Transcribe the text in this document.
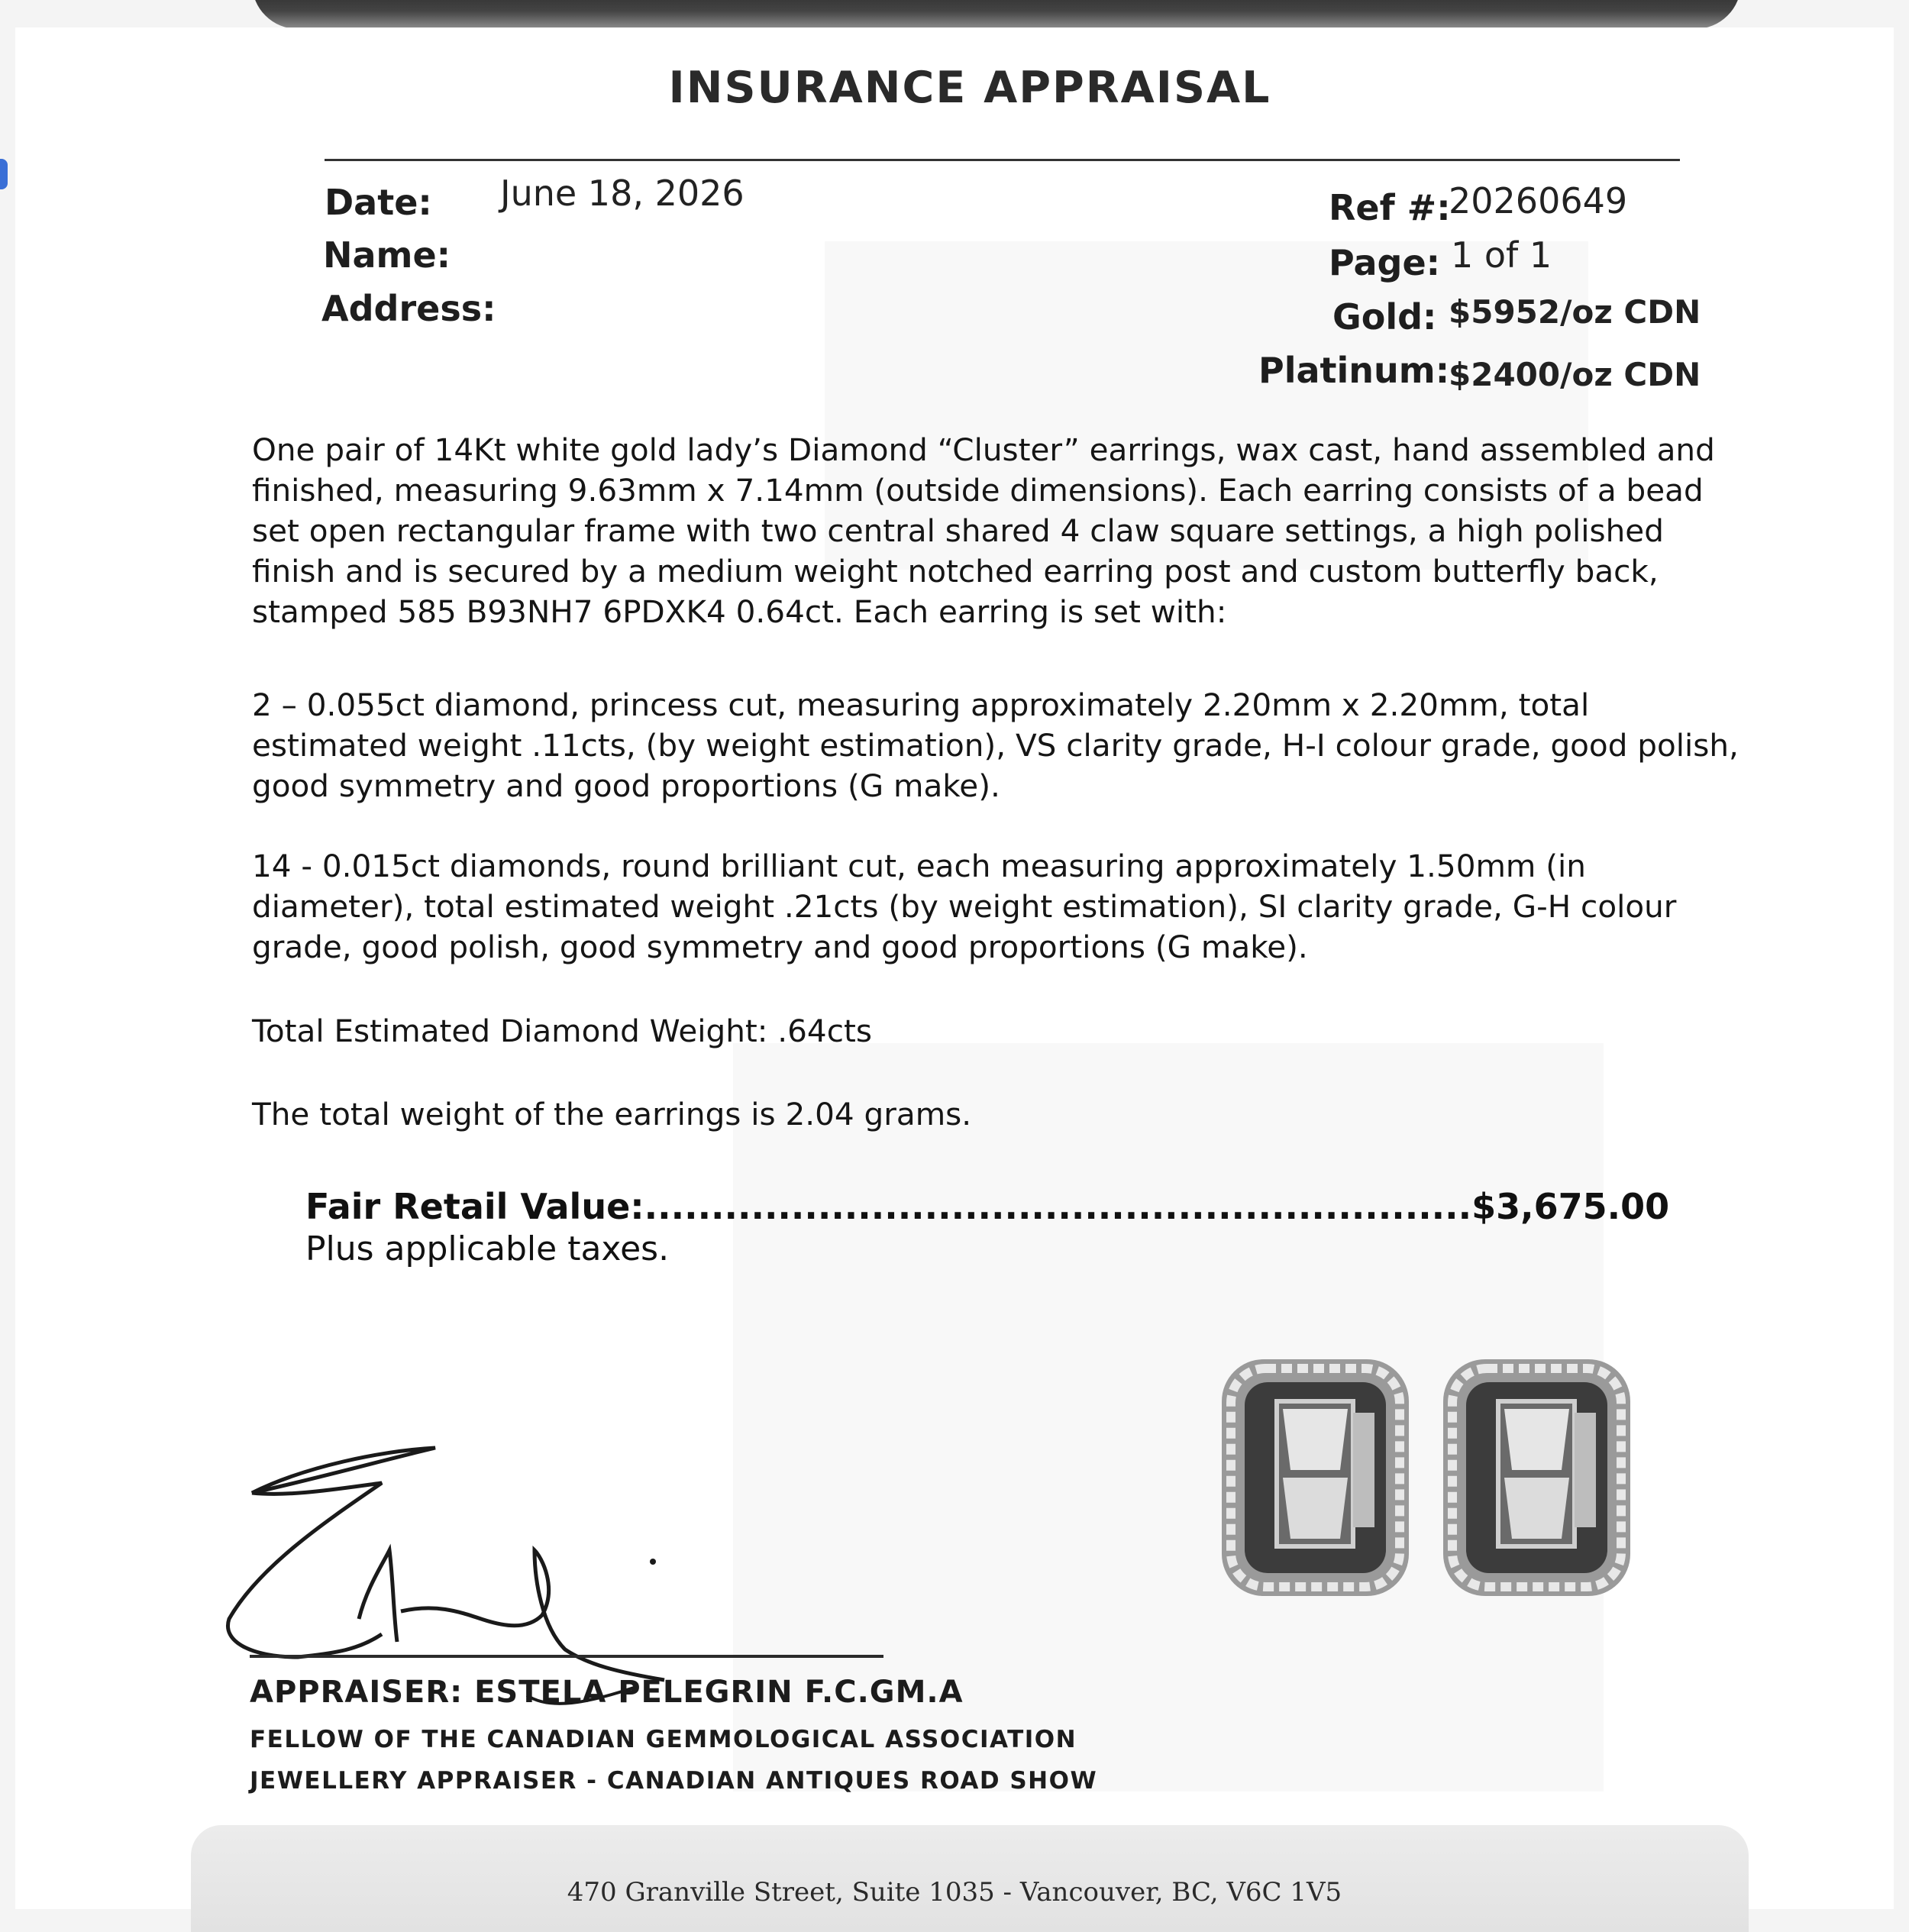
INSURANCE APPRAISAL
Date: June 18, 2026
Name:
Address:
Ref #:
20260649
Page: 1 of 1
Gold: $5952/oz CDN
Platinum:
$2400/oz CDN

One pair of 14Kt white gold lady’s Diamond “Cluster” earrings, wax cast, hand assembled and finished, measuring 9.63mm x 7.14mm (outside dimensions). Each earring consists of a bead set open rectangular frame with two central shared 4 claw square settings, a high polished finish and is secured by a medium weight notched earring post and custom butterfly back, stamped 585 B93NH7 6PDXK4 0.64ct. Each earring is set with:

2 – 0.055ct diamond, princess cut, measuring approximately 2.20mm x 2.20mm, total estimated weight .11cts, (by weight estimation), VS clarity grade, H-I colour grade, good polish, good symmetry and good proportions (G make).

14 - 0.015ct diamonds, round brilliant cut, each measuring approximately 1.50mm (in diameter), total estimated weight .21cts (by weight estimation), SI clarity grade, G-H colour grade, good polish, good symmetry and good proportions (G make).

Total Estimated Diamond Weight: .64cts

The total weight of the earrings is 2.04 grams.

Fair Retail Value:..............................................................$3,675.00
Plus applicable taxes.
APPRAISER: ESTELA PELEGRIN F.C.GM.A
FELLOW OF THE CANADIAN GEMMOLOGICAL ASSOCIATION
JEWELLERY APPRAISER - CANADIAN ANTIQUES ROAD SHOW
470 Granville Street, Suite 1035 - Vancouver, BC, V6C 1V5
